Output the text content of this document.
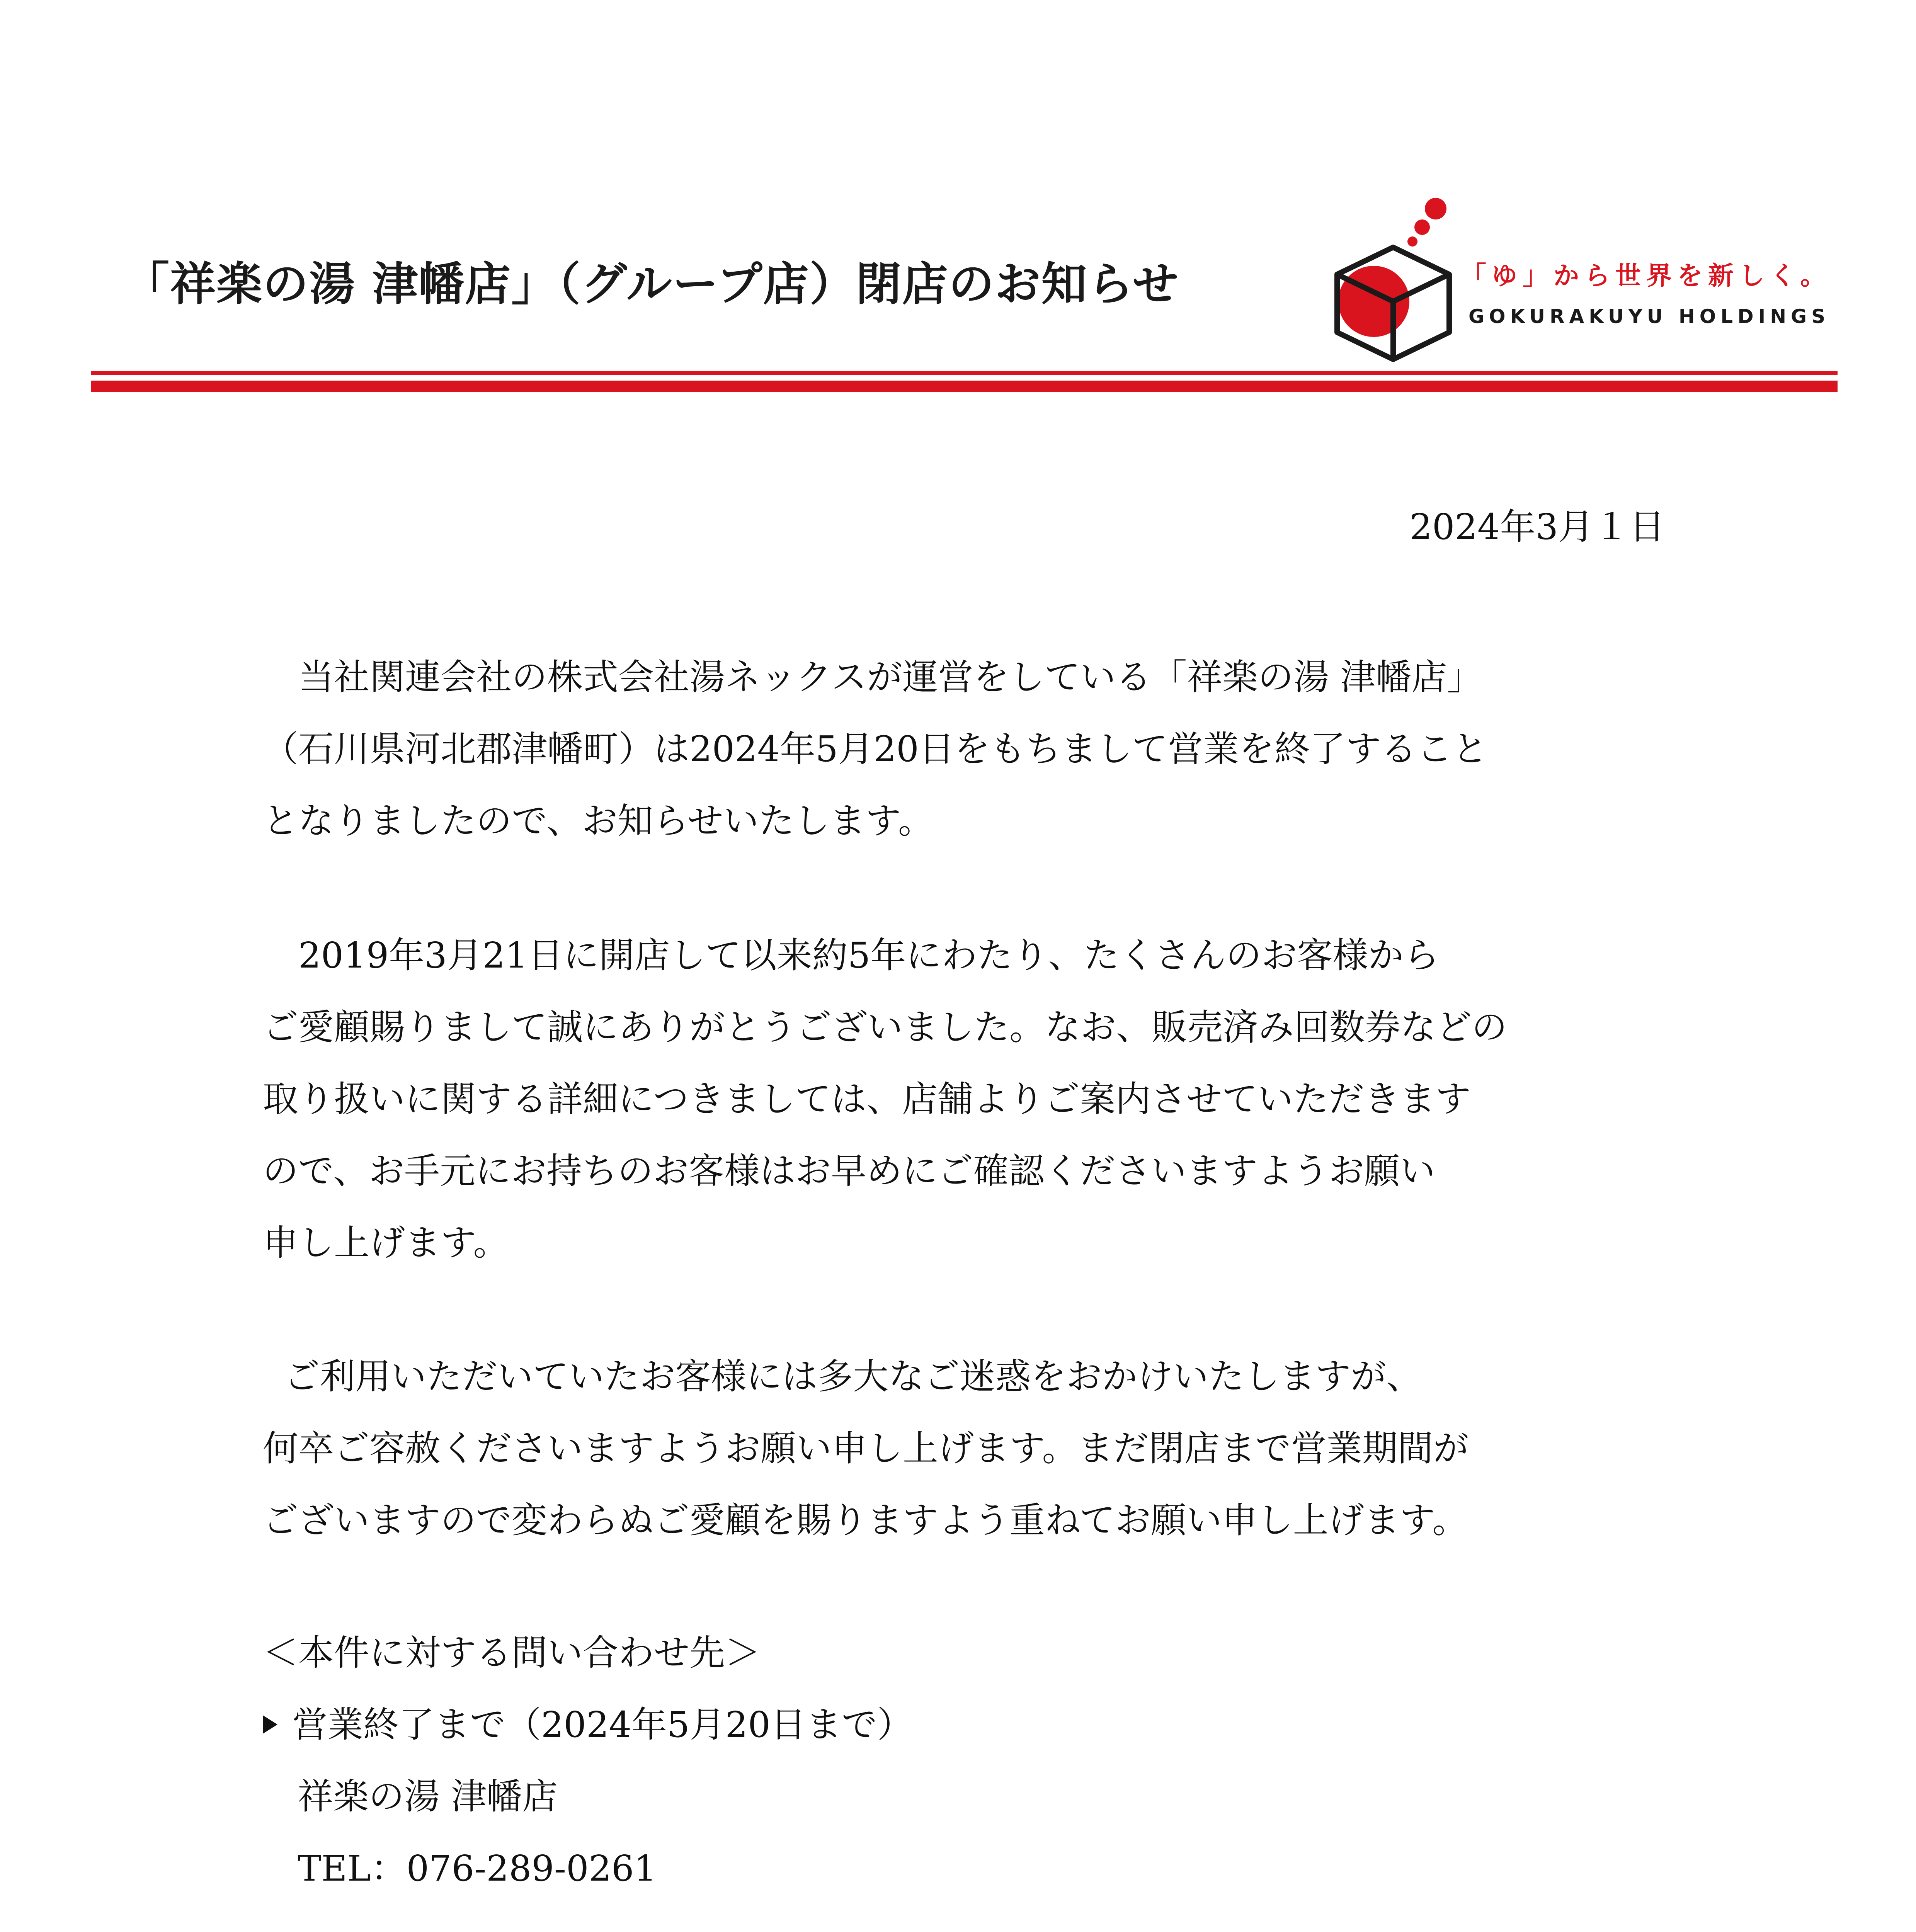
「祥楽の湯 津幡店」（グループ店）閉店のお知らせ	「ゆ」から世界を新しく。
GOKURAKUYU HOLDINGS
2024年3月１日

当社関連会社の株式会社湯ネックスが運営をしている「祥楽の湯 津幡店」

（石川県河北郡津幡町）は2024年5月20日をもちまして営業を終了すること

となりましたので、お知らせいたします。

2019年3月21日に開店して以来約5年にわたり、たくさんのお客様から

ご愛顧賜りまして誠にありがとうございました。なお、販売済み回数券などの

取り扱いに関する詳細につきましては、店舗よりご案内させていただきます

ので、お手元にお持ちのお客様はお早めにご確認くださいますようお願い

申し上げます。

ご利用いただいていたお客様には多大なご迷惑をおかけいたしますが、

何卒ご容赦くださいますようお願い申し上げます。まだ閉店まで営業期間が

ございますので変わらぬご愛顧を賜りますよう重ねてお願い申し上げます。

＜本件に対する問い合わせ先＞

営業終了まで（2024年5月20日まで）

祥楽の湯 津幡店

TEL：076-289-0261
